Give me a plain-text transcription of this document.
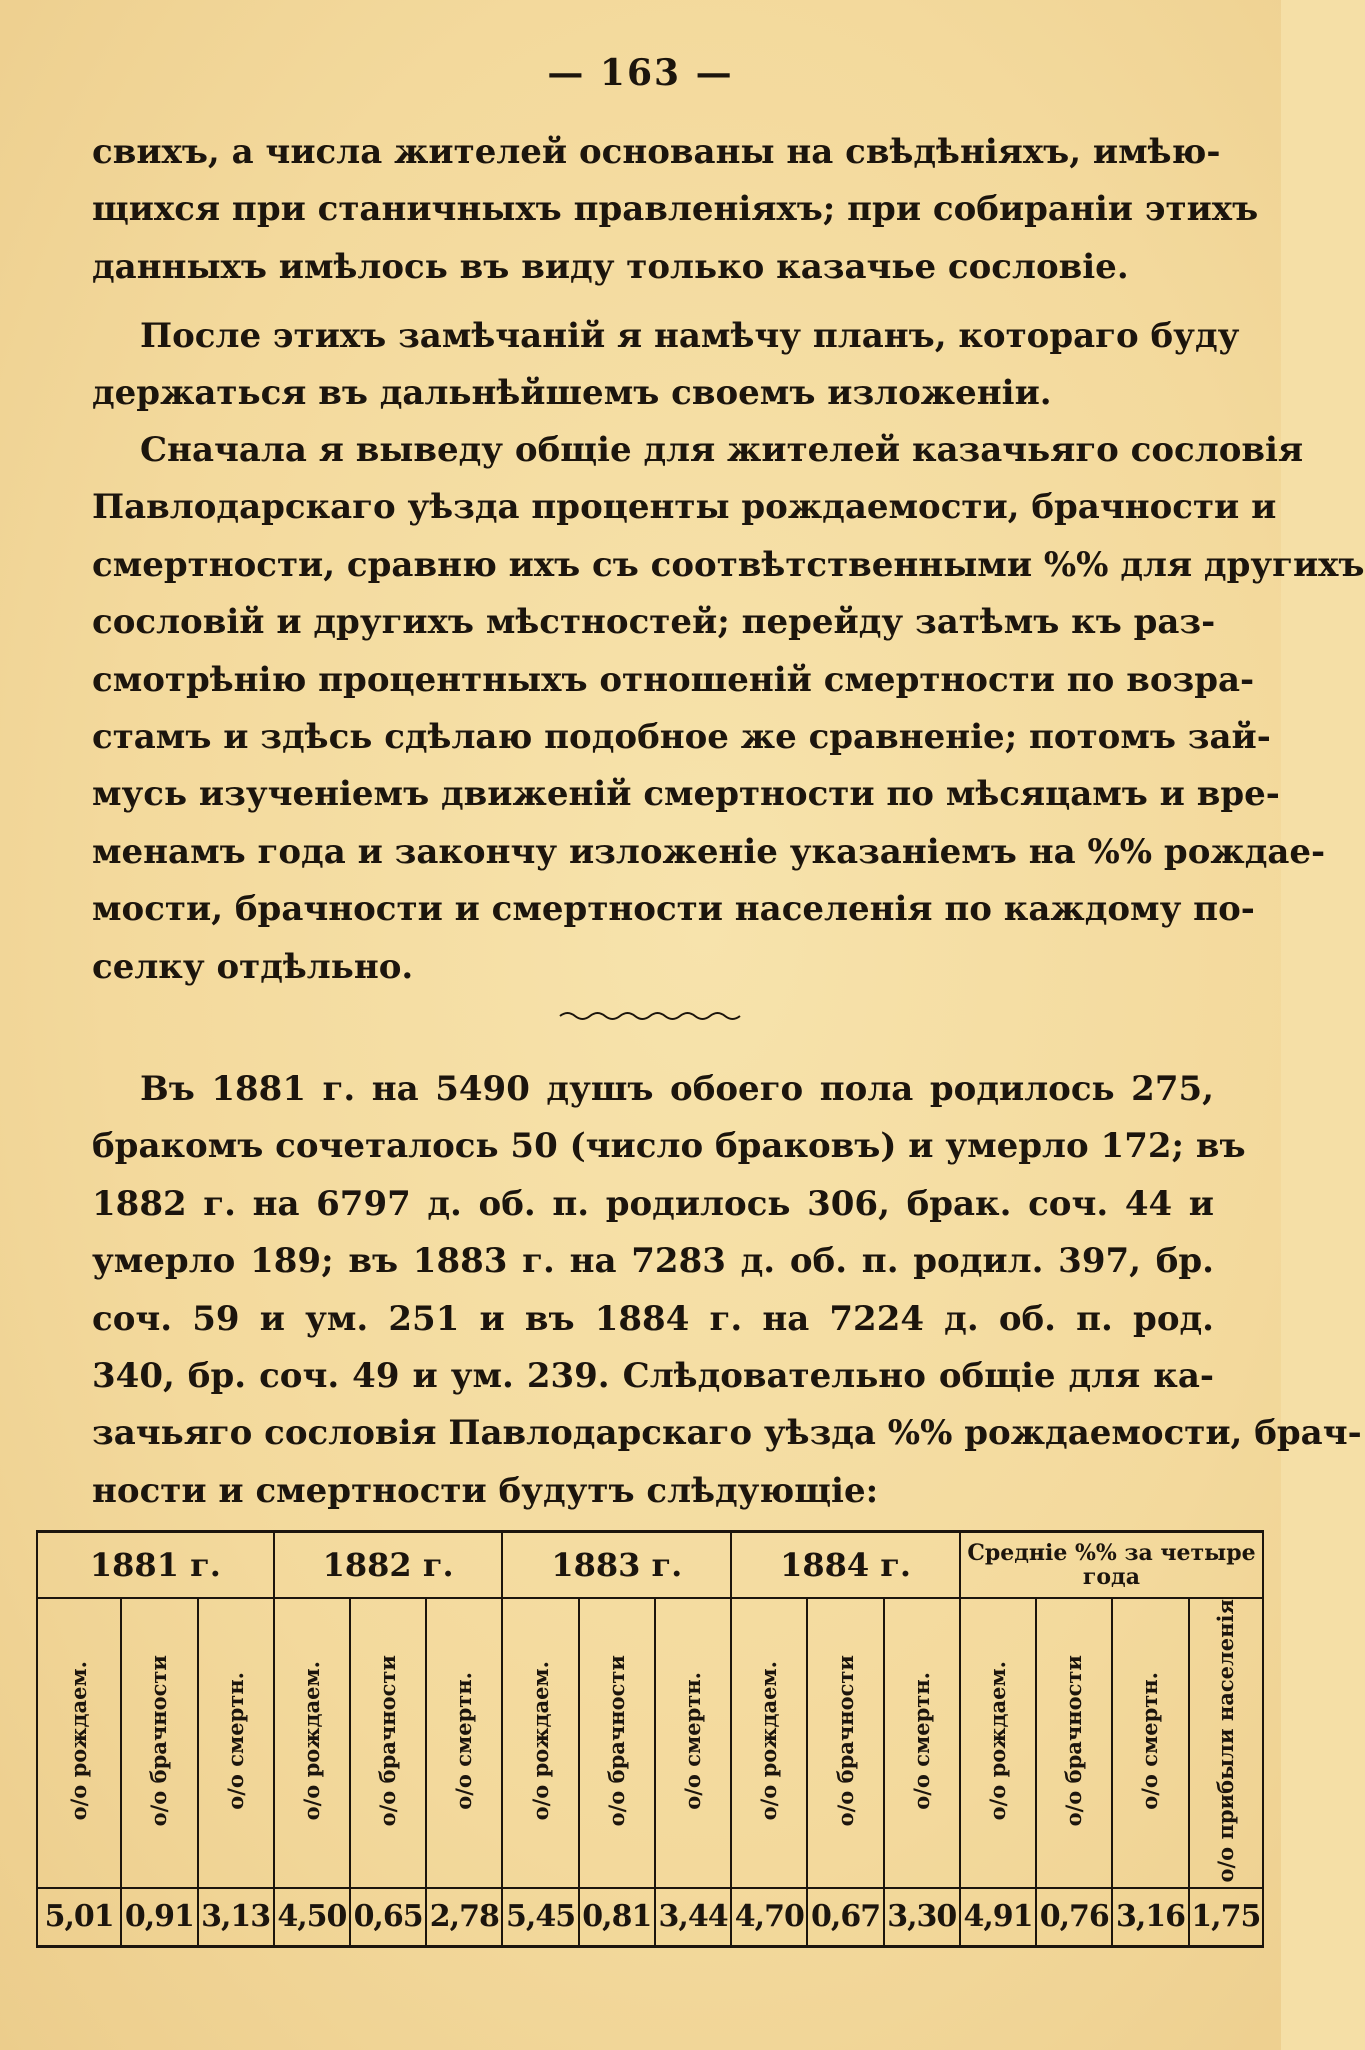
— 163 —
свихъ, а числа жителей основаны на свѣдѣніяхъ, имѣю-
щихся при станичныхъ правленіяхъ; при собираніи этихъ
данныхъ имѣлось въ виду только казачье сословіе.
После этихъ замѣчаній я намѣчу планъ, котораго буду
держаться въ дальнѣйшемъ своемъ изложеніи.
Сначала я выведу общіе для жителей казачьяго сословія
Павлодарскаго уѣзда проценты рождаемости, брачности и
смертности, сравню ихъ съ соотвѣтственными %% для другихъ
сословій и другихъ мѣстностей; перейду затѣмъ къ раз-
смотрѣнію процентныхъ отношеній смертности по возра-
стамъ и здѣсь сдѣлаю подобное же сравненіе; потомъ зай-
мусь изученіемъ движеній смертности по мѣсяцамъ и вре-
менамъ года и закончу изложеніе указаніемъ на %% рождае-
мости, брачности и смертности населенія по каждому по-
селку отдѣльно.
Въ 1881 г. на 5490 душъ обоего пола родилось 275,
бракомъ сочеталось 50 (число браковъ) и умерло 172; въ
1882 г. на 6797 д. об. п. родилось 306, брак. соч. 44 и
умерло 189; въ 1883 г. на 7283 д. об. п. родил. 397, бр.
соч. 59 и ум. 251 и въ 1884 г. на 7224 д. об. п. род.
340, бр. соч. 49 и ум. 239. Слѣдовательно общіе для ка-
зачьяго сословія Павлодарскаго уѣзда %% рождаемости, брач-
ности и смертности будутъ слѣдующіе:
1881 г.			1882 г.			1883 г.			1884 г.			Средніе %% за четыре года			
о/о рождаем.	о/о брачности	о/о смертн.	о/о рождаем.	о/о брачности	о/о смертн.	о/о рождаем.	о/о брачности	о/о смертн.	о/о рождаем.	о/о брачности	о/о смертн.	о/о рождаем.	о/о брачности	о/о смертн.	о/о прибыли населенія
5,01	0,91	3,13	4,50	0,65	2,78	5,45	0,81	3,44	4,70	0,67	3,30	4,91	0,76	3,16	1,75
